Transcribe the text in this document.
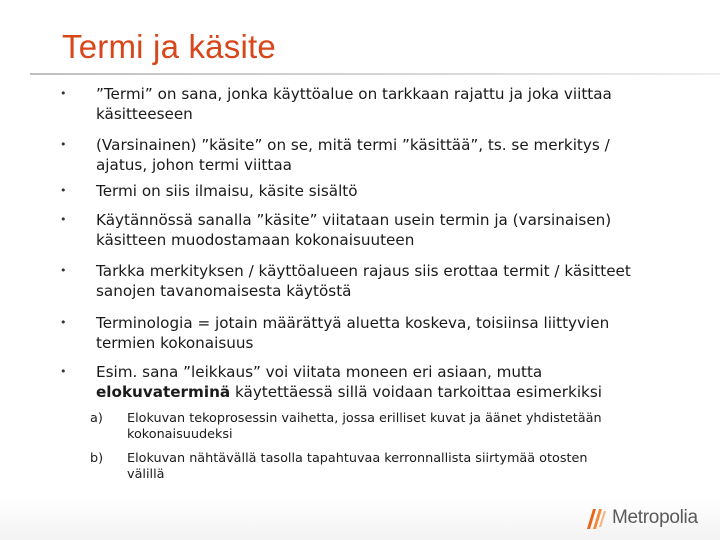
Termi ja käsite
• ”Termi” on sana, jonka käyttöalue on tarkkaan rajattu ja joka viittaa
käsitteeseen
• (Varsinainen) ”käsite” on se, mitä termi ”käsittää”, ts. se merkitys /
ajatus, johon termi viittaa
• Termi on siis ilmaisu, käsite sisältö
• Käytännössä sanalla ”käsite” viitataan usein termin ja (varsinaisen)
käsitteen muodostamaan kokonaisuuteen
• Tarkka merkityksen / käyttöalueen rajaus siis erottaa termit / käsitteet
sanojen tavanomaisesta käytöstä
• Terminologia = jotain määrättyä aluetta koskeva, toisiinsa liittyvien
termien kokonaisuus
• Esim. sana ”leikkaus” voi viitata moneen eri asiaan, mutta
elokuvaterminä käytettäessä sillä voidaan tarkoittaa esimerkiksi
a) Elokuvan tekoprosessin vaihetta, jossa erilliset kuvat ja äänet yhdistetään
kokonaisuudeksi
b) Elokuvan nähtävällä tasolla tapahtuvaa kerronnallista siirtymää otosten
välillä
Metropolia
